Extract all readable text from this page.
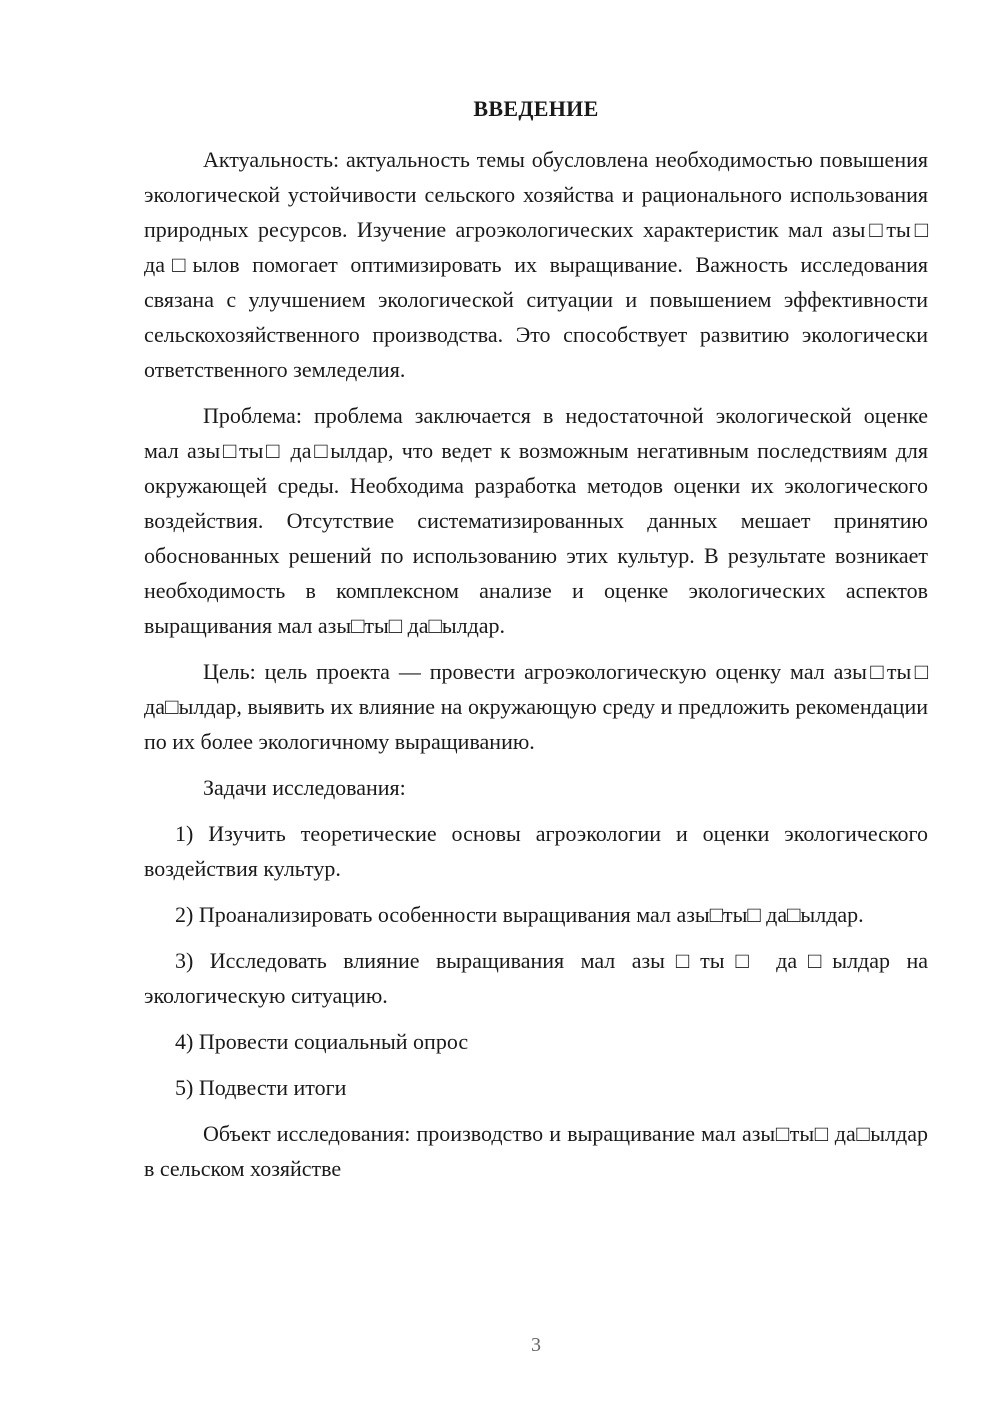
ВВЕДЕНИЕ

Актуальность: актуальность темы обусловлена необходимостью повышения экологической устойчивости сельского хозяйства и рационального использования природных ресурсов. Изучение агроэкологических характеристик мал азы□ты□ да□ылов помогает оптимизировать их выращивание. Важность исследования связана с улучшением экологической ситуации и повышением эффективности сельскохозяйственного производства. Это способствует развитию экологически ответственного земледелия.

Проблема: проблема заключается в недостаточной экологической оценке мал азы□ты□ да□ылдар, что ведет к возможным негативным последствиям для окружающей среды. Необходима разработка методов оценки их экологического воздействия. Отсутствие систематизированных данных мешает принятию обоснованных решений по использованию этих культур. В результате возникает необходимость в комплексном анализе и оценке экологических аспектов выращивания мал азы□ты□ да□ылдар.

Цель: цель проекта — провести агроэкологическую оценку мал азы□ты□ да□ылдар, выявить их влияние на окружающую среду и предложить рекомендации по их более экологичному выращиванию.

Задачи исследования:

1) Изучить теоретические основы агроэкологии и оценки экологического воздействия культур.

2) Проанализировать особенности выращивания мал азы□ты□ да□ылдар.

3) Исследовать влияние выращивания мал азы□ты□ да□ылдар на экологическую ситуацию.

4) Провести социальный опрос

5) Подвести итоги

Объект исследования: производство и выращивание мал азы□ты□ да□ылдар в сельском хозяйстве

3
